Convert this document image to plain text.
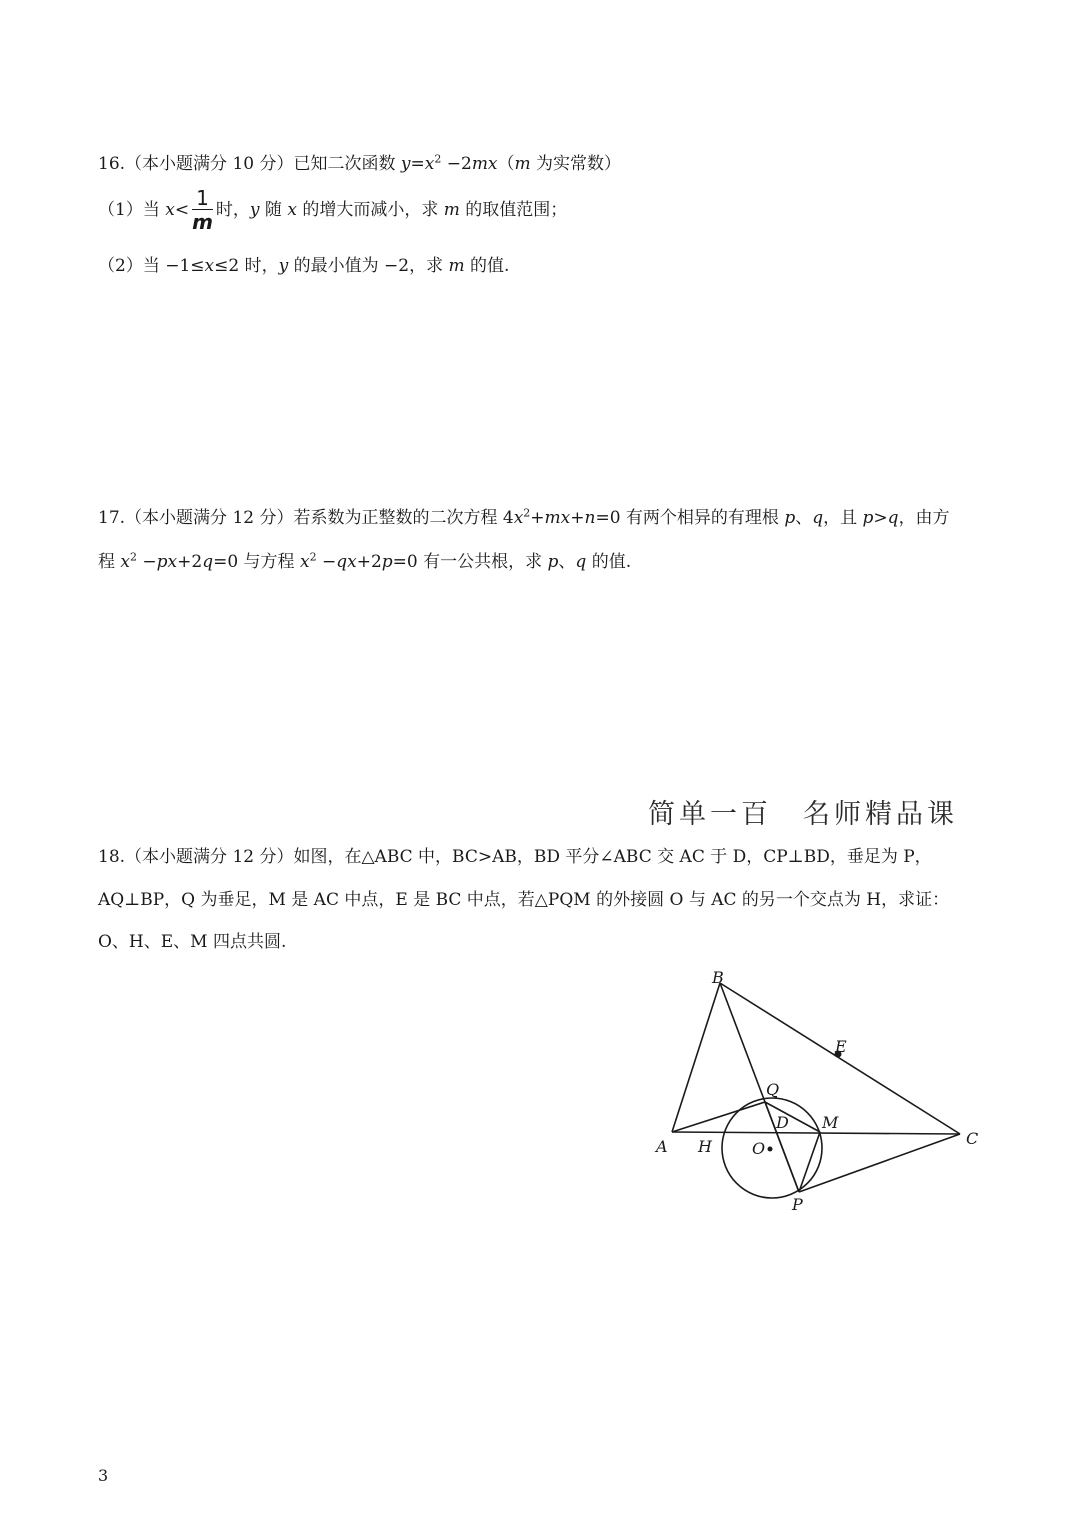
16.（本小题满分 10 分）已知二次函数 $y=x^2 -2mx(m$ 为实常数）
（1）当 $x< \frac{1}{m}$ 时，y 随 x 的增大而减小，求 m 的取值范围；
（2）当 −1≤x≤2 时，y 的最小值为 −2，求 m 的值.
17.（本小题满分 12 分）若系数为正整数的二次方程 $4x^2+mx+n=0$ 有两个相异的有理根 p、q，且 p>q，由方
程 $x^2 -px+2q=0$ 与方程 $x^2 -qx+2p=0$ 有一公共根，求 p、q 的值.
简单一百　名师精品课
18.（本小题满分 12 分）如图，在△ABC 中，BC>AB，BD 平分∠ABC 交 AC 于 D，CP⊥BD，垂足为 P，
AQ⊥BP，Q 为垂足，M 是 AC 中点，E 是 BC 中点，若△PQM 的外接圆 O 与 AC 的另一个交点为 H，求证：
O、H、E、M 四点共圆.
B
A	C
E
Q
D M
H	O
P
3
